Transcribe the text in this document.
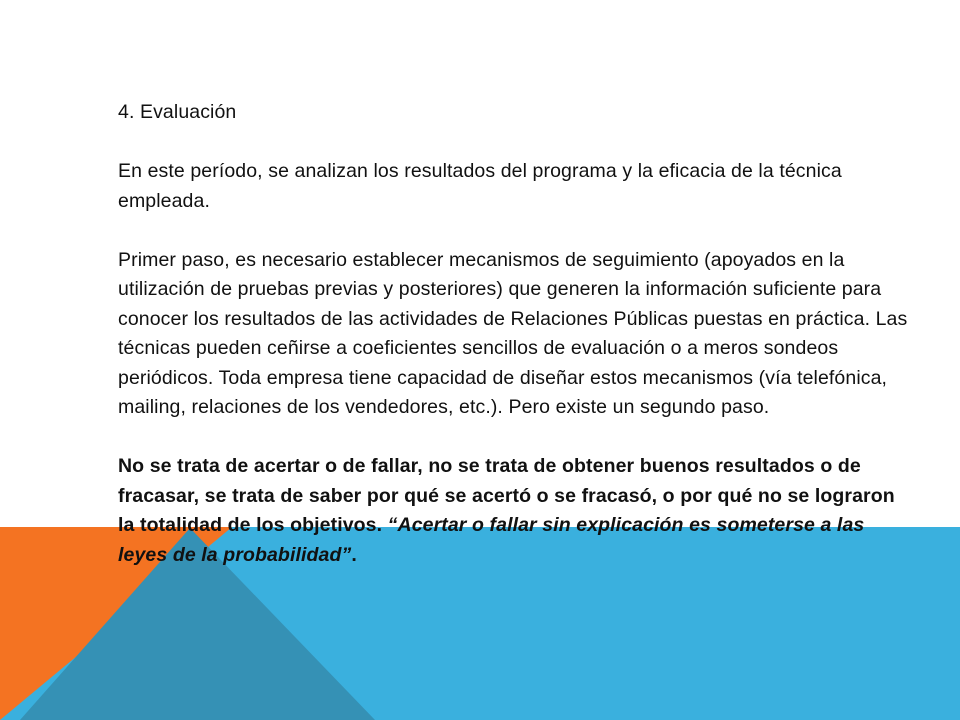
4. Evaluación

En este período, se analizan los resultados del programa y la eficacia de la técnica empleada.

Primer paso, es necesario establecer mecanismos de seguimiento (apoyados en la utilización de pruebas previas y posteriores) que generen la información suficiente para conocer los resultados de las actividades de Relaciones Públicas puestas en práctica. Las técnicas pueden ceñirse a coeficientes sencillos de evaluación o a meros sondeos periódicos. Toda empresa tiene capacidad de diseñar estos mecanismos (vía telefónica, mailing, relaciones de los vendedores, etc.). Pero existe un segundo paso.

No se trata de acertar o de fallar, no se trata de obtener buenos resultados o de fracasar, se trata de saber por qué se acertó o se fracasó, o por qué no se lograron la totalidad de los objetivos. “Acertar o fallar sin explicación es someterse a las leyes de la probabilidad”.
